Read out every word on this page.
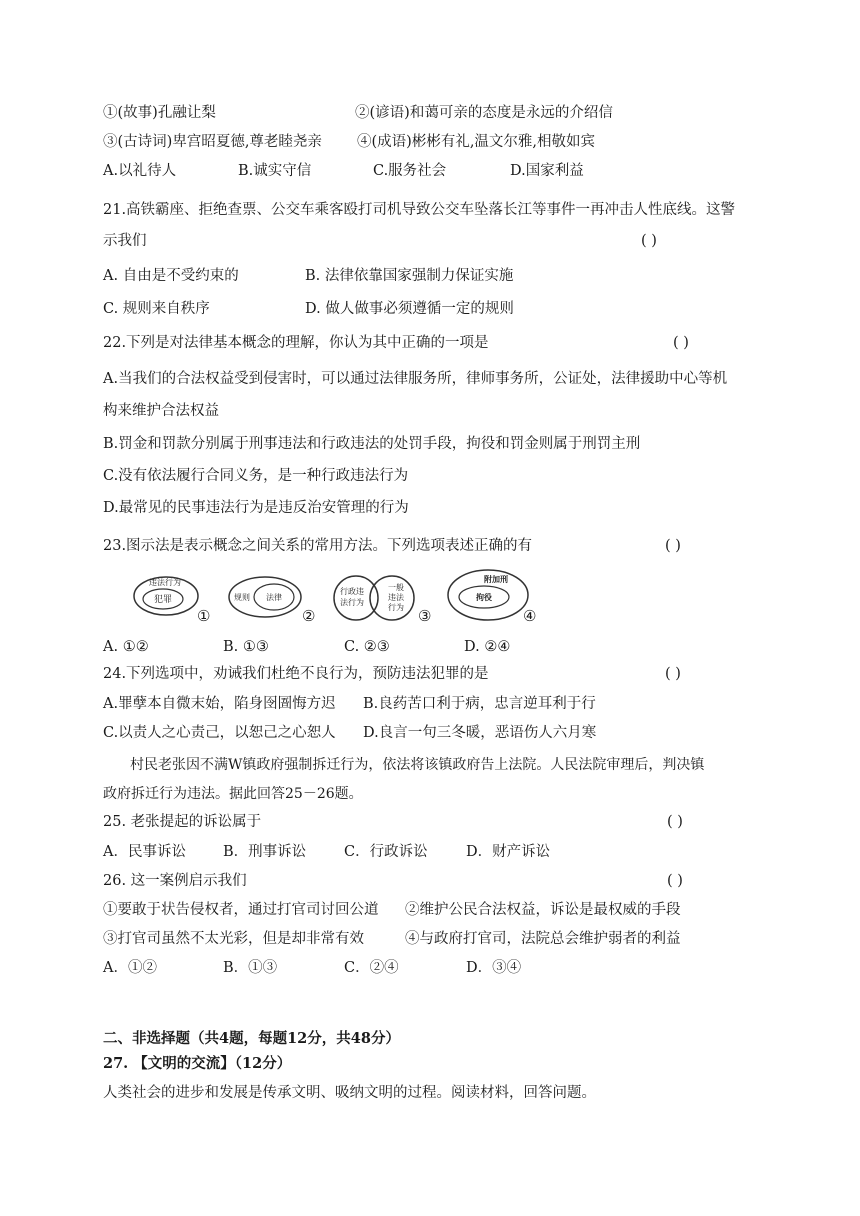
①(故事)孔融让梨	②(谚语)和蔼可亲的态度是永远的介绍信
③(古诗词)卑宫昭夏德,尊老睦尧亲 ④(成语)彬彬有礼,温文尔雅,相敬如宾
A.以礼待人	B.诚实守信	C.服务社会	D.国家利益
21.高铁霸座、拒绝查票、公交车乘客殴打司机导致公交车坠落长江等事件一再冲击人性底线。这警
示我们	( )
A. 自由是不受约束的	B. 法律依靠国家强制力保证实施
C. 规则来自秩序	D. 做人做事必须遵循一定的规则
22.下列是对法律基本概念的理解，你认为其中正确的一项是	( )
A.当我们的合法权益受到侵害时，可以通过法律服务所，律师事务所，公证处，法律援助中心等机
构来维护合法权益
B.罚金和罚款分别属于刑事违法和行政违法的处罚手段，拘役和罚金则属于刑罚主刑
C.没有依法履行合同义务，是一种行政违法行为
D.最常见的民事违法行为是违反治安管理的行为
23.图示法是表示概念之间关系的常用方法。下列选项表述正确的有	( )
违法行为
犯罪
①
规则 法律
②
行政违
法行为
一般
违法
行为 ③
附加刑
拘役
④
A. ①②	B. ①③	C. ②③	D. ②④
24.下列选项中，劝诫我们杜绝不良行为，预防违法犯罪的是	( )
A.罪孽本自微末始，陷身囹圄悔方迟 B.良药苦口利于病，忠言逆耳利于行
C.以责人之心责己，以恕己之心恕人 D.良言一句三冬暖，恶语伤人六月寒
村民老张因不满W镇政府强制拆迁行为，依法将该镇政府告上法院。人民法院审理后，判决镇
政府拆迁行为违法。据此回答25－26题。
25. 老张提起的诉讼属于	( )
A．民事诉讼	B．刑事诉讼	C．行政诉讼	D．财产诉讼
26. 这一案例启示我们	( )
①要敢于状告侵权者，通过打官司讨回公道 ②维护公民合法权益，诉讼是最权威的手段
③打官司虽然不太光彩，但是却非常有效	④与政府打官司，法院总会维护弱者的利益
A．①②	B．①③	C．②④	D．③④
二、非选择题（共4题，每题12分，共48分）
27. 【文明的交流】（12分）
人类社会的进步和发展是传承文明、吸纳文明的过程。阅读材料，回答问题。
